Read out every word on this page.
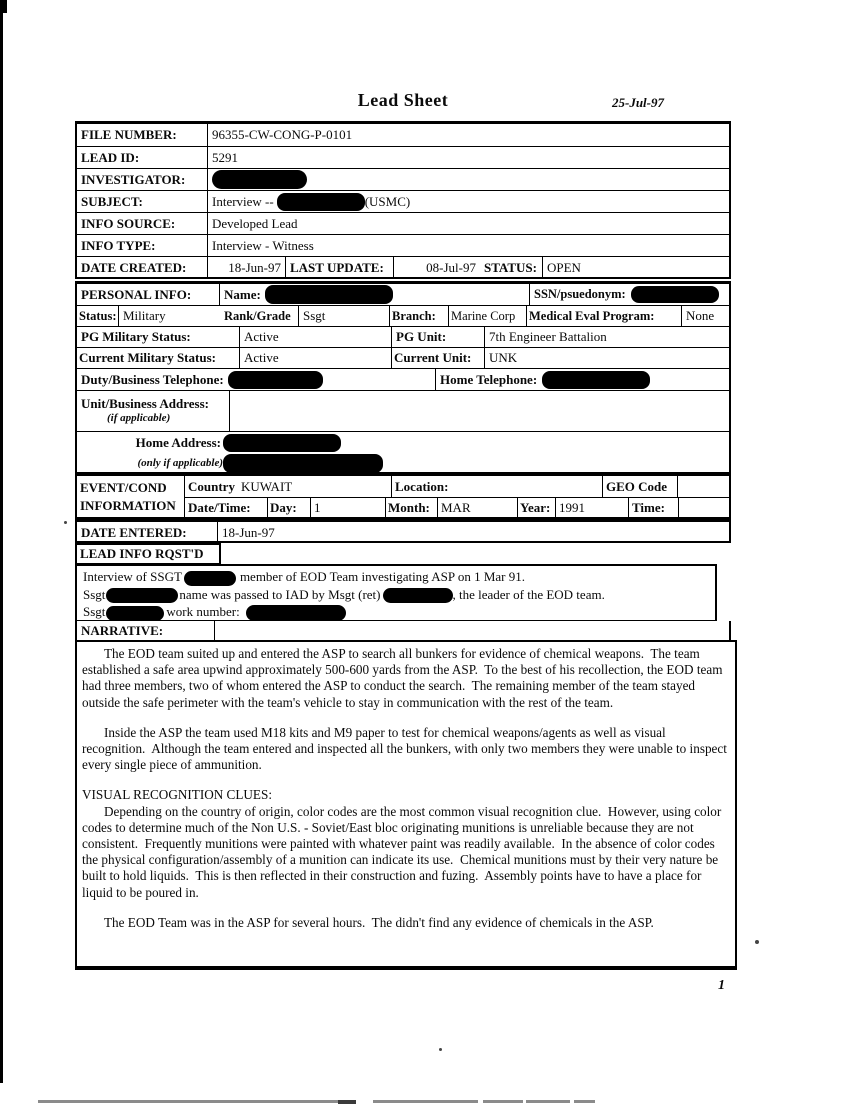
Lead Sheet	25-Jul-97
FILE NUMBER:	96355-CW-CONG-P-0101
LEAD ID:	5291
INVESTIGATOR:
SUBJECT:	Interview --	(USMC)
INFO SOURCE:	Developed Lead
INFO TYPE:	Interview - Witness
DATE CREATED:	18-Jun-97 LAST UPDATE:	08-Jul-97 STATUS: OPEN
PERSONAL INFO:	Name:	SSN/psuedonym:
Status: Military	Rank/Grade Ssgt	Branch:	Marine Corp	Medical Eval Program:	None
PG Military Status:	Active	PG Unit:	7th Engineer Battalion
Current Military Status:	Active	Current Unit:	UNK
Duty/Business Telephone:	Home Telephone:
Unit/Business Address:
(if applicable)
Home Address:
(only if applicable)
EVENT/COND
INFORMATION
Country KUWAIT	Location:	GEO Code
Date/Time:	Day:	1	Month: MAR	Year: 1991	Time:
DATE ENTERED:	18-Jun-97
LEAD INFO RQST'D
Interview of SSGT	member of EOD Team investigating ASP on 1 Mar 91.
Ssgt	name was passed to IAD by Msgt (ret)	, the leader of the EOD team.
Ssgt	work number:
NARRATIVE:
The EOD team suited up and entered the ASP to search all bunkers for evidence of chemical weapons.  The team established a safe area upwind approximately 500-600 yards from the ASP.  To the best of his recollection, the EOD team had three members, two of whom entered the ASP to conduct the search.  The remaining member of the team stayed outside the safe perimeter with the team's vehicle to stay in communication with the rest of the team.
Inside the ASP the team used M18 kits and M9 paper to test for chemical weapons/agents as well as visual recognition.  Although the team entered and inspected all the bunkers, with only two members they were unable to inspect every single piece of ammunition.
VISUAL RECOGNITION CLUES:
Depending on the country of origin, color codes are the most common visual recognition clue.  However, using color codes to determine much of the Non U.S. - Soviet/East bloc originating munitions is unreliable because they are not consistent.  Frequently munitions were painted with whatever paint was readily available.  In the absence of color codes the physical configuration/assembly of a munition can indicate its use.  Chemical munitions must by their very nature be built to hold liquids.  This is then reflected in their construction and fuzing.  Assembly points have to have a place for liquid to be poured in.
The EOD Team was in the ASP for several hours.  The didn't find any evidence of chemicals in the ASP.
1
